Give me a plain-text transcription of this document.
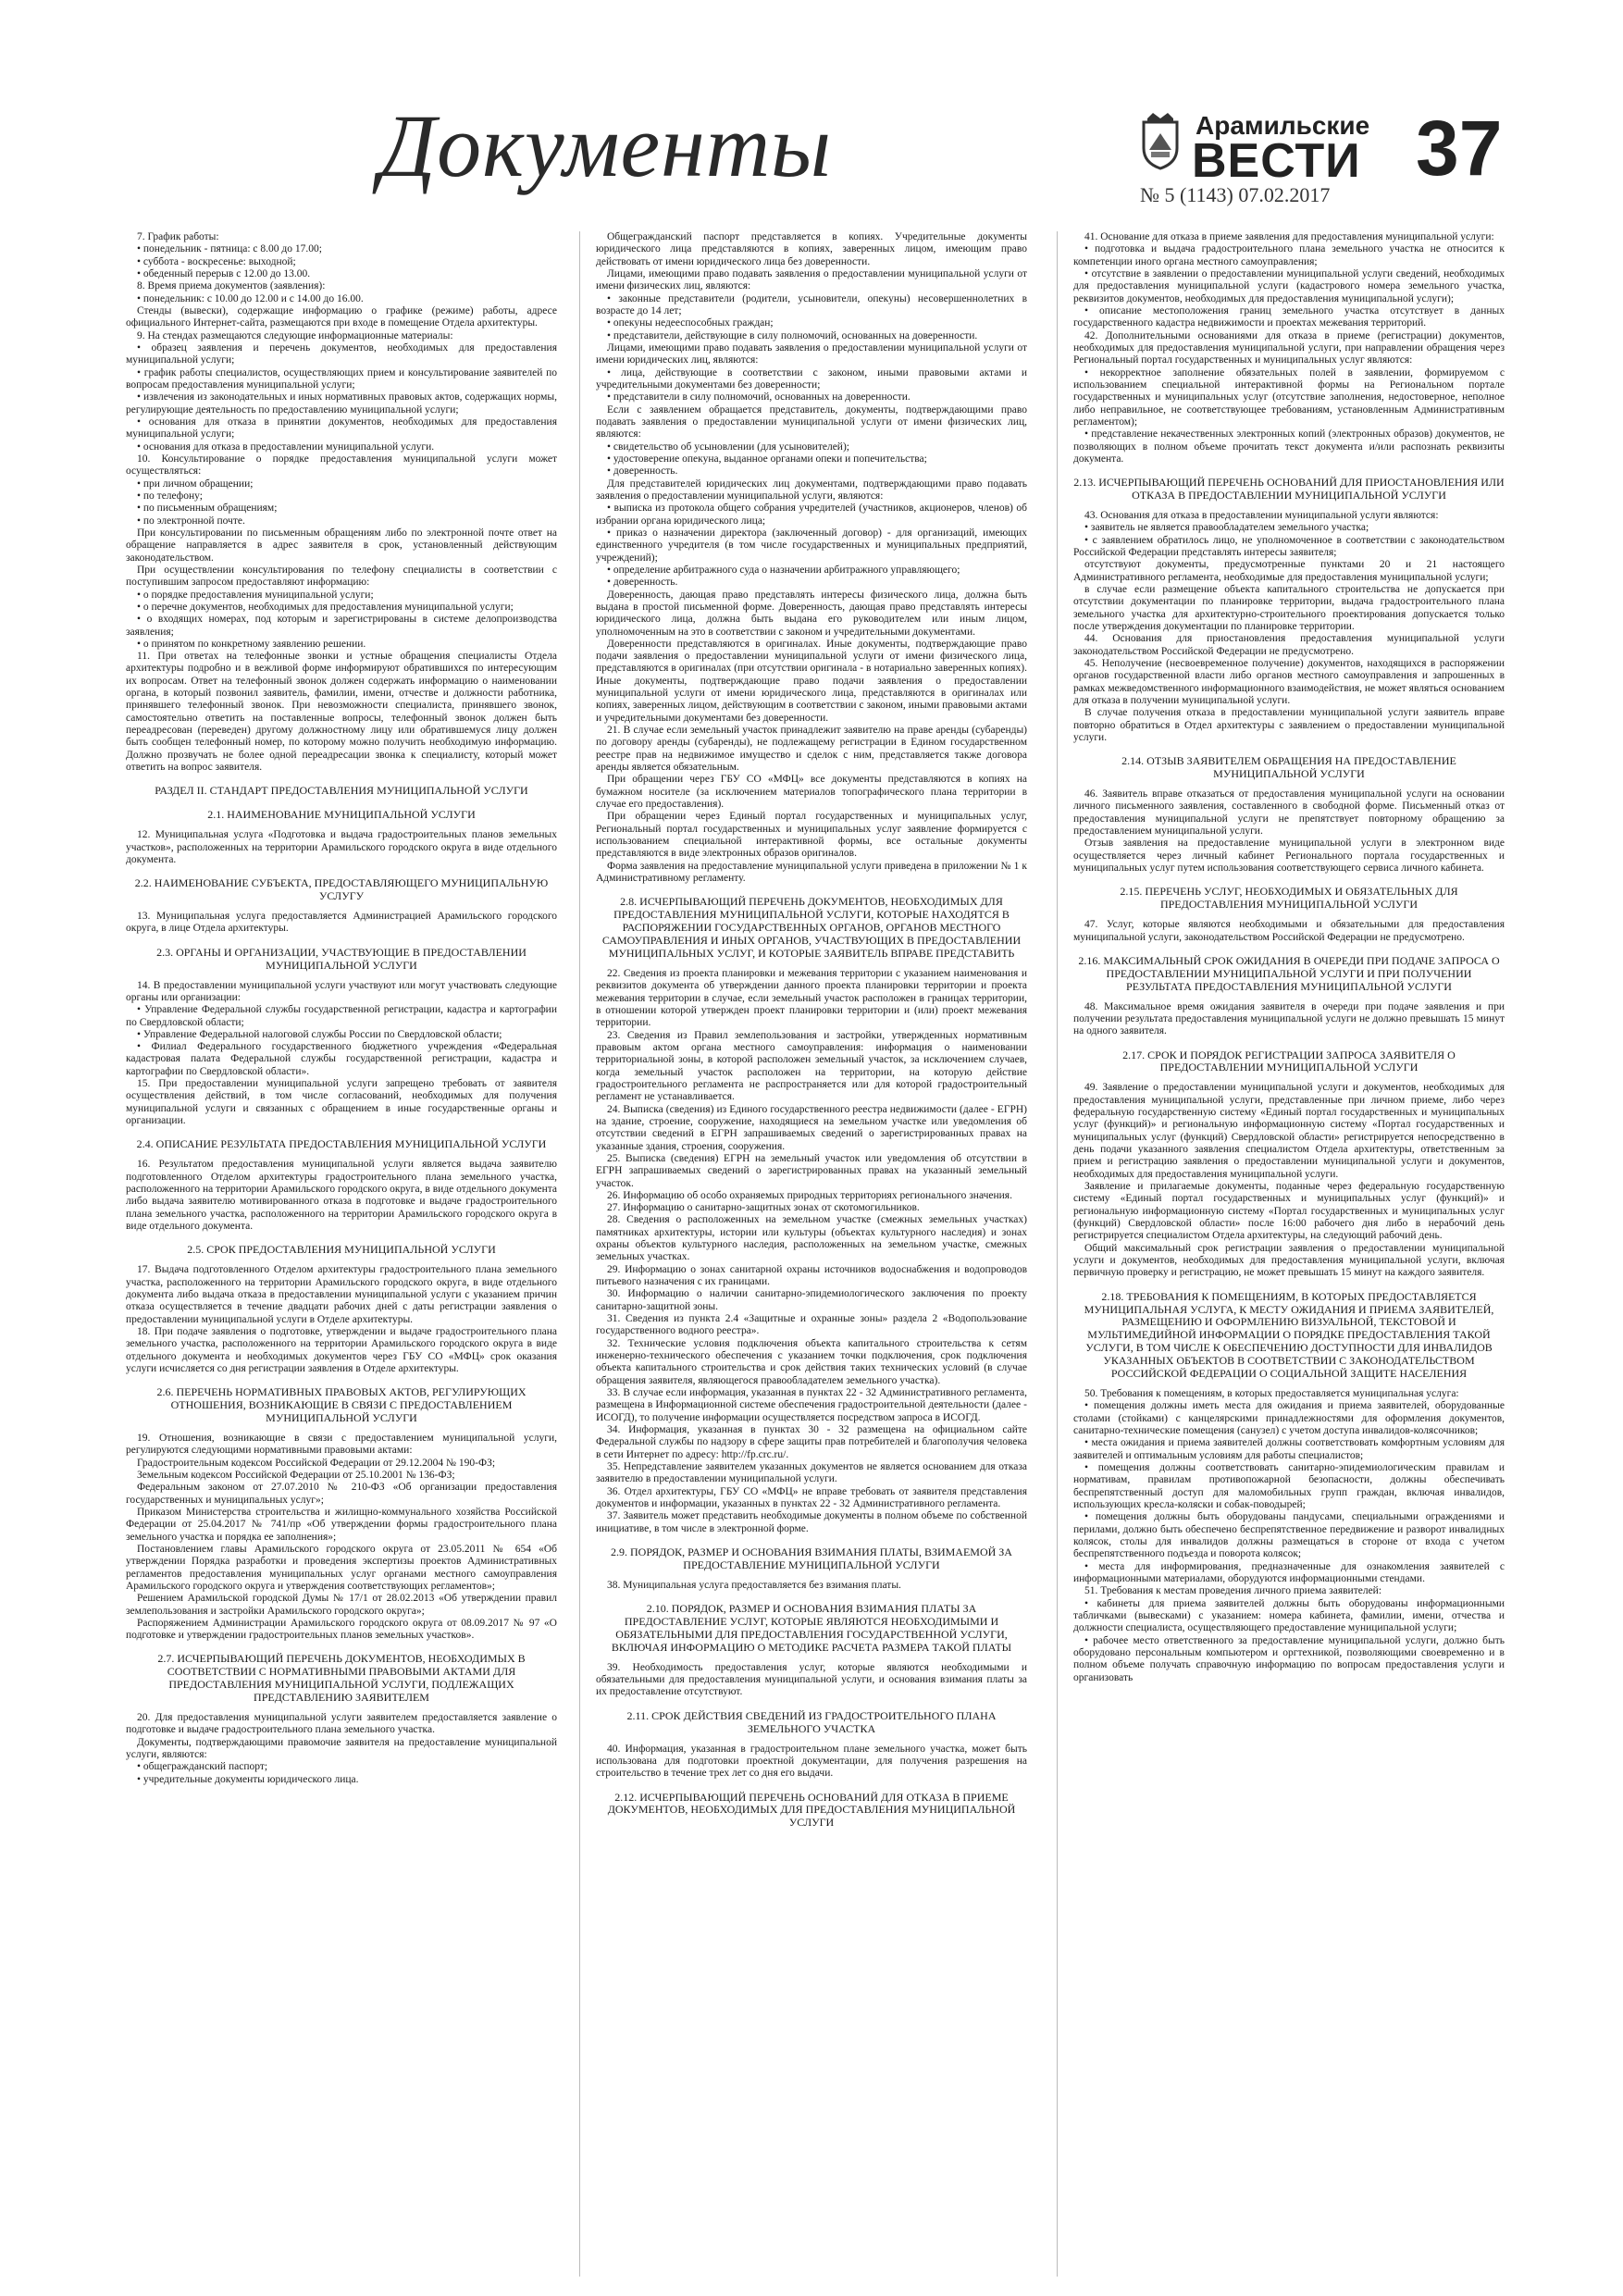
Документы	Арамильские
ВЕСТИ
№ 5 (1143) 07.02.2017
37

7. График работы:

• понедельник - пятница: с 8.00 до 17.00;

• суббота - воскресенье: выходной;

• обеденный перерыв с 12.00 до 13.00.

8. Время приема документов (заявления):

• понедельник: с 10.00 до 12.00 и с 14.00 до 16.00.

Стенды (вывески), содержащие информацию о графике (режиме) работы, адресе официального Интернет-сайта, размещаются при входе в помещение Отдела архитектуры.

9. На стендах размещаются следующие информационные материалы:

• образец заявления и перечень документов, необходимых для предоставления муниципальной услуги;

• график работы специалистов, осуществляющих прием и консультирование заявителей по вопросам предоставления муниципальной услуги;

• извлечения из законодательных и иных нормативных правовых актов, содержащих нормы, регулирующие деятельность по предоставлению муниципальной услуги;

• основания для отказа в принятии документов, необходимых для предоставления муниципальной услуги;

• основания для отказа в предоставлении муниципальной услуги.

10. Консультирование о порядке предоставления муниципальной услуги может осуществляться:

• при личном обращении;

• по телефону;

• по письменным обращениям;

• по электронной почте.

При консультировании по письменным обращениям либо по электронной почте ответ на обращение направляется в адрес заявителя в срок, установленный действующим законодательством.

При осуществлении консультирования по телефону специалисты в соответствии с поступившим запросом предоставляют информацию:

• о порядке предоставления муниципальной услуги;

• о перечне документов, необходимых для предоставления муниципальной услуги;

• о входящих номерах, под которым и зарегистрированы в системе делопроизводства заявления;

• о принятом по конкретному заявлению решении.

11. При ответах на телефонные звонки и устные обращения специалисты Отдела архитектуры подробно и в вежливой форме информируют обратившихся по интересующим их вопросам. Ответ на телефонный звонок должен содержать информацию о наименовании органа, в который позвонил заявитель, фамилии, имени, отчестве и должности работника, принявшего телефонный звонок. При невозможности специалиста, принявшего звонок, самостоятельно ответить на поставленные вопросы, телефонный звонок должен быть переадресован (переведен) другому должностному лицу или обратившемуся лицу должен быть сообщен телефонный номер, по которому можно получить необходимую информацию. Должно прозвучать не более одной переадресации звонка к специалисту, который может ответить на вопрос заявителя.

РАЗДЕЛ II. СТАНДАРТ ПРЕДОСТАВЛЕНИЯ МУНИЦИПАЛЬНОЙ УСЛУГИ

2.1. НАИМЕНОВАНИЕ МУНИЦИПАЛЬНОЙ УСЛУГИ

12. Муниципальная услуга «Подготовка и выдача градостроительных планов земельных участков», расположенных на территории Арамильского городского округа в виде отдельного документа.

2.2. НАИМЕНОВАНИЕ СУБЪЕКТА, ПРЕДОСТАВЛЯЮЩЕГО МУНИЦИПАЛЬНУЮ УСЛУГУ

13. Муниципальная услуга предоставляется Администрацией Арамильского городского округа, в лице Отдела архитектуры.

2.3. ОРГАНЫ И ОРГАНИЗАЦИИ, УЧАСТВУЮЩИЕ В ПРЕДОСТАВЛЕНИИ МУНИЦИПАЛЬНОЙ УСЛУГИ

14. В предоставлении муниципальной услуги участвуют или могут участвовать следующие органы или организации:

• Управление Федеральной службы государственной регистрации, кадастра и картографии по Свердловской области;

• Управление Федеральной налоговой службы России по Свердловской области;

• Филиал Федерального государственного бюджетного учреждения «Федеральная кадастровая палата Федеральной службы государственной регистрации, кадастра и картографии по Свердловской области».

15. При предоставлении муниципальной услуги запрещено требовать от заявителя осуществления действий, в том числе согласований, необходимых для получения муниципальной услуги и связанных с обращением в иные государственные органы и организации.

2.4. ОПИСАНИЕ РЕЗУЛЬТАТА ПРЕДОСТАВЛЕНИЯ МУНИЦИПАЛЬНОЙ УСЛУГИ

16. Результатом предоставления муниципальной услуги является выдача заявителю подготовленного Отделом архитектуры градостроительного плана земельного участка, расположенного на территории Арамильского городского округа, в виде отдельного документа либо выдача заявителю мотивированного отказа в подготовке и выдаче градостроительного плана земельного участка, расположенного на территории Арамильского городского округа в виде отдельного документа.

2.5. СРОК ПРЕДОСТАВЛЕНИЯ МУНИЦИПАЛЬНОЙ УСЛУГИ

17. Выдача подготовленного Отделом архитектуры градостроительного плана земельного участка, расположенного на территории Арамильского городского округа, в виде отдельного документа либо выдача отказа в предоставлении муниципальной услуги с указанием причин отказа осуществляется в течение двадцати рабочих дней с даты регистрации заявления о предоставлении муниципальной услуги в Отделе архитектуры.

18. При подаче заявления о подготовке, утверждении и выдаче градостроительного плана земельного участка, расположенного на территории Арамильского городского округа в виде отдельного документа и необходимых документов через ГБУ СО «МФЦ» срок оказания услуги исчисляется со дня регистрации заявления в Отделе архитектуры.

2.6. ПЕРЕЧЕНЬ НОРМАТИВНЫХ ПРАВОВЫХ АКТОВ, РЕГУЛИРУЮЩИХ ОТНОШЕНИЯ, ВОЗНИКАЮЩИЕ В СВЯЗИ С ПРЕДОСТАВЛЕНИЕМ МУНИЦИПАЛЬНОЙ УСЛУГИ

19. Отношения, возникающие в связи с предоставлением муниципальной услуги, регулируются следующими нормативными правовыми актами:

Градостроительным кодексом Российской Федерации от 29.12.2004 № 190-ФЗ;

Земельным кодексом Российской Федерации от 25.10.2001 № 136-ФЗ;

Федеральным законом от 27.07.2010 № 210-ФЗ «Об организации предоставления государственных и муниципальных услуг»;

Приказом Министерства строительства и жилищно-коммунального хозяйства Российской Федерации от 25.04.2017 № 741/пр «Об утверждении формы градостроительного плана земельного участка и порядка ее заполнения»;

Постановлением главы Арамильского городского округа от 23.05.2011 № 654 «Об утверждении Порядка разработки и проведения экспертизы проектов Административных регламентов предоставления муниципальных услуг органами местного самоуправления Арамильского городского округа и утверждения соответствующих регламентов»;

Решением Арамильской городской Думы № 17/1 от 28.02.2013 «Об утверждении правил землепользования и застройки Арамильского городского округа»;

Распоряжением Администрации Арамильского городского округа от 08.09.2017 № 97 «О подготовке и утверждении градостроительных планов земельных участков».

2.7. ИСЧЕРПЫВАЮЩИЙ ПЕРЕЧЕНЬ ДОКУМЕНТОВ, НЕОБХОДИМЫХ В СООТВЕТСТВИИ С НОРМАТИВНЫМИ ПРАВОВЫМИ АКТАМИ ДЛЯ ПРЕДОСТАВЛЕНИЯ МУНИЦИПАЛЬНОЙ УСЛУГИ, ПОДЛЕЖАЩИХ ПРЕДСТАВЛЕНИЮ ЗАЯВИТЕЛЕМ

20. Для предоставления муниципальной услуги заявителем предоставляется заявление о подготовке и выдаче градостроительного плана земельного участка.

Документы, подтверждающими правомочие заявителя на предоставление муниципальной услуги, являются:

• общегражданский паспорт;

• учредительные документы юридического лица.

Общегражданский паспорт представляется в копиях. Учредительные документы юридического лица представляются в копиях, заверенных лицом, имеющим право действовать от имени юридического лица без доверенности.

Лицами, имеющими право подавать заявления о предоставлении муниципальной услуги от имени физических лиц, являются:

• законные представители (родители, усыновители, опекуны) несовершеннолетних в возрасте до 14 лет;

• опекуны недееспособных граждан;

• представители, действующие в силу полномочий, основанных на доверенности.

Лицами, имеющими право подавать заявления о предоставлении муниципальной услуги от имени юридических лиц, являются:

• лица, действующие в соответствии с законом, иными правовыми актами и учредительными документами без доверенности;

• представители в силу полномочий, основанных на доверенности.

Если с заявлением обращается представитель, документы, подтверждающими право подавать заявления о предоставлении муниципальной услуги от имени физических лиц, являются:

• свидетельство об усыновлении (для усыновителей);

• удостоверение опекуна, выданное органами опеки и попечительства;

• доверенность.

Для представителей юридических лиц документами, подтверждающими право подавать заявления о предоставлении муниципальной услуги, являются:

• выписка из протокола общего собрания учредителей (участников, акционеров, членов) об избрании органа юридического лица;

• приказ о назначении директора (заключенный договор) - для организаций, имеющих единственного учредителя (в том числе государственных и муниципальных предприятий, учреждений);

• определение арбитражного суда о назначении арбитражного управляющего;

• доверенность.

Доверенность, дающая право представлять интересы физического лица, должна быть выдана в простой письменной форме. Доверенность, дающая право представлять интересы юридического лица, должна быть выдана его руководителем или иным лицом, уполномоченным на это в соответствии с законом и учредительными документами.

Доверенности представляются в оригиналах. Иные документы, подтверждающие право подачи заявления о предоставлении муниципальной услуги от имени физического лица, представляются в оригиналах (при отсутствии оригинала - в нотариально заверенных копиях). Иные документы, подтверждающие право подачи заявления о предоставлении муниципальной услуги от имени юридического лица, представляются в оригиналах или копиях, заверенных лицом, действующим в соответствии с законом, иными правовыми актами и учредительными документами без доверенности.

21. В случае если земельный участок принадлежит заявителю на праве аренды (субаренды) по договору аренды (субаренды), не подлежащему регистрации в Едином государственном реестре прав на недвижимое имущество и сделок с ним, представляется также договора аренды является обязательным.

При обращении через ГБУ СО «МФЦ» все документы представляются в копиях на бумажном носителе (за исключением материалов топографического плана территории в случае его предоставления).

При обращении через Единый портал государственных и муниципальных услуг, Региональный портал государственных и муниципальных услуг заявление формируется с использованием специальной интерактивной формы, все остальные документы представляются в виде электронных образов оригиналов.

Форма заявления на предоставление муниципальной услуги приведена в приложении № 1 к Административному регламенту.

2.8. ИСЧЕРПЫВАЮЩИЙ ПЕРЕЧЕНЬ ДОКУМЕНТОВ, НЕОБХОДИМЫХ ДЛЯ ПРЕДОСТАВЛЕНИЯ МУНИЦИПАЛЬНОЙ УСЛУГИ, КОТОРЫЕ НАХОДЯТСЯ В РАСПОРЯЖЕНИИ ГОСУДАРСТВЕННЫХ ОРГАНОВ, ОРГАНОВ МЕСТНОГО САМОУПРАВЛЕНИЯ И ИНЫХ ОРГАНОВ, УЧАСТВУЮЩИХ В ПРЕДОСТАВЛЕНИИ МУНИЦИПАЛЬНЫХ УСЛУГ, И КОТОРЫЕ ЗАЯВИТЕЛЬ ВПРАВЕ ПРЕДСТАВИТЬ

22. Сведения из проекта планировки и межевания территории с указанием наименования и реквизитов документа об утверждении данного проекта планировки территории и проекта межевания территории в случае, если земельный участок расположен в границах территории, в отношении которой утвержден проект планировки территории и (или) проект межевания территории.

23. Сведения из Правил землепользования и застройки, утвержденных нормативным правовым актом органа местного самоуправления: информация о наименовании территориальной зоны, в которой расположен земельный участок, за исключением случаев, когда земельный участок расположен на территории, на которую действие градостроительного регламента не распространяется или для которой градостроительный регламент не устанавливается.

24. Выписка (сведения) из Единого государственного реестра недвижимости (далее - ЕГРН) на здание, строение, сооружение, находящиеся на земельном участке или уведомления об отсутствии сведений в ЕГРН запрашиваемых сведений о зарегистрированных правах на указанные здания, строения, сооружения.

25. Выписка (сведения) ЕГРН на земельный участок или уведомления об отсутствии в ЕГРН запрашиваемых сведений о зарегистрированных правах на указанный земельный участок.

26. Информацию об особо охраняемых природных территориях регионального значения.

27. Информацию о санитарно-защитных зонах от скотомогильников.

28. Сведения о расположенных на земельном участке (смежных земельных участках) памятниках архитектуры, истории или культуры (объектах культурного наследия) и зонах охраны объектов культурного наследия, расположенных на земельном участке, смежных земельных участках.

29. Информацию о зонах санитарной охраны источников водоснабжения и водопроводов питьевого назначения с их границами.

30. Информацию о наличии санитарно-эпидемиологического заключения по проекту санитарно-защитной зоны.

31. Сведения из пункта 2.4 «Защитные и охранные зоны» раздела 2 «Водопользование государственного водного реестра».

32. Технические условия подключения объекта капитального строительства к сетям инженерно-технического обеспечения с указанием точки подключения, срок подключения объекта капитального строительства и срок действия таких технических условий (в случае обращения заявителя, являющегося правообладателем земельного участка).

33. В случае если информация, указанная в пунктах 22 - 32 Административного регламента, размещена в Информационной системе обеспечения градостроительной деятельности (далее - ИСОГД), то получение информации осуществляется посредством запроса в ИСОГД.

34. Информация, указанная в пунктах 30 - 32 размещена на официальном сайте Федеральной службы по надзору в сфере защиты прав потребителей и благополучия человека в сети Интернет по адресу: http://fp.crc.ru/.

35. Непредставление заявителем указанных документов не является основанием для отказа заявителю в предоставлении муниципальной услуги.

36. Отдел архитектуры, ГБУ СО «МФЦ» не вправе требовать от заявителя представления документов и информации, указанных в пунктах 22 - 32 Административного регламента.

37. Заявитель может представить необходимые документы в полном объеме по собственной инициативе, в том числе в электронной форме.

2.9. ПОРЯДОК, РАЗМЕР И ОСНОВАНИЯ ВЗИМАНИЯ ПЛАТЫ, ВЗИМАЕМОЙ ЗА ПРЕДОСТАВЛЕНИЕ МУНИЦИПАЛЬНОЙ УСЛУГИ

38. Муниципальная услуга предоставляется без взимания платы.

2.10. ПОРЯДОК, РАЗМЕР И ОСНОВАНИЯ ВЗИМАНИЯ ПЛАТЫ ЗА ПРЕДОСТАВЛЕНИЕ УСЛУГ, КОТОРЫЕ ЯВЛЯЮТСЯ НЕОБХОДИМЫМИ И ОБЯЗАТЕЛЬНЫМИ ДЛЯ ПРЕДОСТАВЛЕНИЯ ГОСУДАРСТВЕННОЙ УСЛУГИ, ВКЛЮЧАЯ ИНФОРМАЦИЮ О МЕТОДИКЕ РАСЧЕТА РАЗМЕРА ТАКОЙ ПЛАТЫ

39. Необходимость предоставления услуг, которые являются необходимыми и обязательными для предоставления муниципальной услуги, и основания взимания платы за их предоставление отсутствуют.

2.11. СРОК ДЕЙСТВИЯ СВЕДЕНИЙ ИЗ ГРАДОСТРОИТЕЛЬНОГО ПЛАНА ЗЕМЕЛЬНОГО УЧАСТКА

40. Информация, указанная в градостроительном плане земельного участка, может быть использована для подготовки проектной документации, для получения разрешения на строительство в течение трех лет со дня его выдачи.

2.12. ИСЧЕРПЫВАЮЩИЙ ПЕРЕЧЕНЬ ОСНОВАНИЙ ДЛЯ ОТКАЗА В ПРИЕМЕ ДОКУМЕНТОВ, НЕОБХОДИМЫХ ДЛЯ ПРЕДОСТАВЛЕНИЯ МУНИЦИПАЛЬНОЙ УСЛУГИ

41. Основание для отказа в приеме заявления для предоставления муниципальной услуги:

• подготовка и выдача градостроительного плана земельного участка не относится к компетенции иного органа местного самоуправления;

• отсутствие в заявлении о предоставлении муниципальной услуги сведений, необходимых для предоставления муниципальной услуги (кадастрового номера земельного участка, реквизитов документов, необходимых для предоставления муниципальной услуги);

• описание местоположения границ земельного участка отсутствует в данных государственного кадастра недвижимости и проектах межевания территорий.

42. Дополнительными основаниями для отказа в приеме (регистрации) документов, необходимых для предоставления муниципальной услуги, при направлении обращения через Региональный портал государственных и муниципальных услуг являются:

• некорректное заполнение обязательных полей в заявлении, формируемом с использованием специальной интерактивной формы на Региональном портале государственных и муниципальных услуг (отсутствие заполнения, недостоверное, неполное либо неправильное, не соответствующее требованиям, установленным Административным регламентом);

• представление некачественных электронных копий (электронных образов) документов, не позволяющих в полном объеме прочитать текст документа и/или распознать реквизиты документа.

2.13. ИСЧЕРПЫВАЮЩИЙ ПЕРЕЧЕНЬ ОСНОВАНИЙ ДЛЯ ПРИОСТАНОВЛЕНИЯ ИЛИ ОТКАЗА В ПРЕДОСТАВЛЕНИИ МУНИЦИПАЛЬНОЙ УСЛУГИ

43. Основания для отказа в предоставлении муниципальной услуги являются:

• заявитель не является правообладателем земельного участка;

• с заявлением обратилось лицо, не уполномоченное в соответствии с законодательством Российской Федерации представлять интересы заявителя;

отсутствуют документы, предусмотренные пунктами 20 и 21 настоящего Административного регламента, необходимые для предоставления муниципальной услуги;

в случае если размещение объекта капитального строительства не допускается при отсутствии документации по планировке территории, выдача градостроительного плана земельного участка для архитектурно-строительного проектирования допускается только после утверждения документации по планировке территории.

44. Основания для приостановления предоставления муниципальной услуги законодательством Российской Федерации не предусмотрено.

45. Неполучение (несвоевременное получение) документов, находящихся в распоряжении органов государственной власти либо органов местного самоуправления и запрошенных в рамках межведомственного информационного взаимодействия, не может являться основанием для отказа в получении муниципальной услуги.

В случае получения отказа в предоставлении муниципальной услуги заявитель вправе повторно обратиться в Отдел архитектуры с заявлением о предоставлении муниципальной услуги.

2.14. ОТЗЫВ ЗАЯВИТЕЛЕМ ОБРАЩЕНИЯ НА ПРЕДОСТАВЛЕНИЕ МУНИЦИПАЛЬНОЙ УСЛУГИ

46. Заявитель вправе отказаться от предоставления муниципальной услуги на основании личного письменного заявления, составленного в свободной форме. Письменный отказ от предоставления муниципальной услуги не препятствует повторному обращению за предоставлением муниципальной услуги.

Отзыв заявления на предоставление муниципальной услуги в электронном виде осуществляется через личный кабинет Регионального портала государственных и муниципальных услуг путем использования соответствующего сервиса личного кабинета.

2.15. ПЕРЕЧЕНЬ УСЛУГ, НЕОБХОДИМЫХ И ОБЯЗАТЕЛЬНЫХ ДЛЯ ПРЕДОСТАВЛЕНИЯ МУНИЦИПАЛЬНОЙ УСЛУГИ

47. Услуг, которые являются необходимыми и обязательными для предоставления муниципальной услуги, законодательством Российской Федерации не предусмотрено.

2.16. МАКСИМАЛЬНЫЙ СРОК ОЖИДАНИЯ В ОЧЕРЕДИ ПРИ ПОДАЧЕ ЗАПРОСА О ПРЕДОСТАВЛЕНИИ МУНИЦИПАЛЬНОЙ УСЛУГИ И ПРИ ПОЛУЧЕНИИ РЕЗУЛЬТАТА ПРЕДОСТАВЛЕНИЯ МУНИЦИПАЛЬНОЙ УСЛУГИ

48. Максимальное время ожидания заявителя в очереди при подаче заявления и при получении результата предоставления муниципальной услуги не должно превышать 15 минут на одного заявителя.

2.17. СРОК И ПОРЯДОК РЕГИСТРАЦИИ ЗАПРОСА ЗАЯВИТЕЛЯ О ПРЕДОСТАВЛЕНИИ МУНИЦИПАЛЬНОЙ УСЛУГИ

49. Заявление о предоставлении муниципальной услуги и документов, необходимых для предоставления муниципальной услуги, представленные при личном приеме, либо через федеральную государственную систему «Единый портал государственных и муниципальных услуг (функций)» и региональную информационную систему «Портал государственных и муниципальных услуг (функций) Свердловской области» регистрируется непосредственно в день подачи указанного заявления специалистом Отдела архитектуры, ответственным за прием и регистрацию заявления о предоставлении муниципальной услуги и документов, необходимых для предоставления муниципальной услуги.

Заявление и прилагаемые документы, поданные через федеральную государственную систему «Единый портал государственных и муниципальных услуг (функций)» и региональную информационную систему «Портал государственных и муниципальных услуг (функций) Свердловской области» после 16:00 рабочего дня либо в нерабочий день регистрируется специалистом Отдела архитектуры, на следующий рабочий день.

Общий максимальный срок регистрации заявления о предоставлении муниципальной услуги и документов, необходимых для предоставления муниципальной услуги, включая первичную проверку и регистрацию, не может превышать 15 минут на каждого заявителя.

2.18. ТРЕБОВАНИЯ К ПОМЕЩЕНИЯМ, В КОТОРЫХ ПРЕДОСТАВЛЯЕТСЯ МУНИЦИПАЛЬНАЯ УСЛУГА, К МЕСТУ ОЖИДАНИЯ И ПРИЕМА ЗАЯВИТЕЛЕЙ, РАЗМЕЩЕНИЮ И ОФОРМЛЕНИЮ ВИЗУАЛЬНОЙ, ТЕКСТОВОЙ И МУЛЬТИМЕДИЙНОЙ ИНФОРМАЦИИ О ПОРЯДКЕ ПРЕДОСТАВЛЕНИЯ ТАКОЙ УСЛУГИ, В ТОМ ЧИСЛЕ К ОБЕСПЕЧЕНИЮ ДОСТУПНОСТИ ДЛЯ ИНВАЛИДОВ УКАЗАННЫХ ОБЪЕКТОВ В СООТВЕТСТВИИ С ЗАКОНОДАТЕЛЬСТВОМ РОССИЙСКОЙ ФЕДЕРАЦИИ О СОЦИАЛЬНОЙ ЗАЩИТЕ НАСЕЛЕНИЯ

50. Требования к помещениям, в которых предоставляется муниципальная услуга:

• помещения должны иметь места для ожидания и приема заявителей, оборудованные столами (стойками) с канцелярскими принадлежностями для оформления документов, санитарно-технические помещения (санузел) с учетом доступа инвалидов-колясочников;

• места ожидания и приема заявителей должны соответствовать комфортным условиям для заявителей и оптимальным условиям для работы специалистов;

• помещения должны соответствовать санитарно-эпидемиологическим правилам и нормативам, правилам противопожарной безопасности, должны обеспечивать беспрепятственный доступ для маломобильных групп граждан, включая инвалидов, использующих кресла-коляски и собак-поводырей;

• помещения должны быть оборудованы пандусами, специальными ограждениями и перилами, должно быть обеспечено беспрепятственное передвижение и разворот инвалидных колясок, столы для инвалидов должны размещаться в стороне от входа с учетом беспрепятственного подъезда и поворота колясок;

• места для информирования, предназначенные для ознакомления заявителей с информационными материалами, оборудуются информационными стендами.

51. Требования к местам проведения личного приема заявителей:

• кабинеты для приема заявителей должны быть оборудованы информационными табличками (вывесками) с указанием: номера кабинета, фамилии, имени, отчества и должности специалиста, осуществляющего предоставление муниципальной услуги;

• рабочее место ответственного за предоставление муниципальной услуги, должно быть оборудовано персональным компьютером и оргтехникой, позволяющими своевременно и в полном объеме получать справочную информацию по вопросам предоставления услуги и организовать
